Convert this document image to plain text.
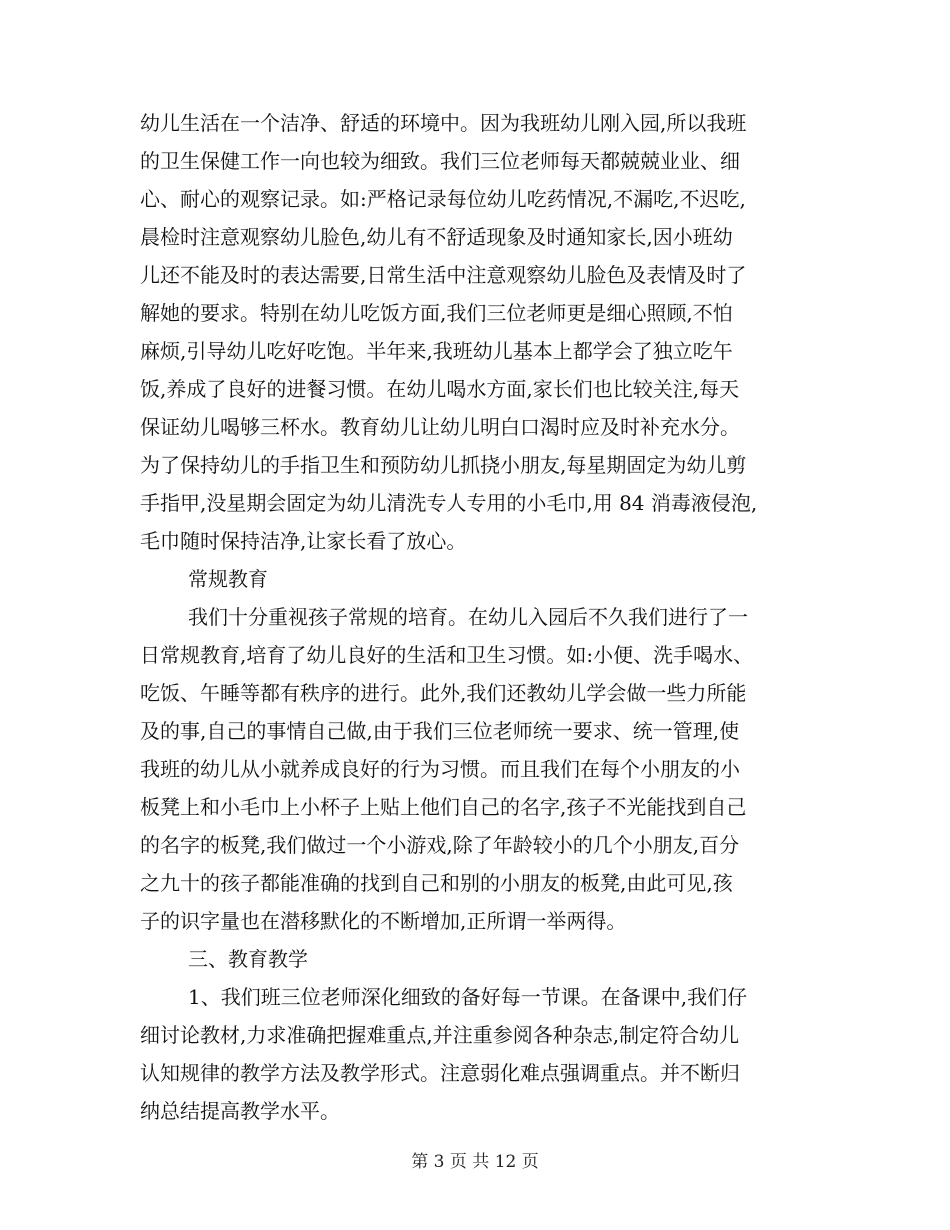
幼儿生活在一个洁净、舒适的环境中。因为我班幼儿刚入园,所以我班
的卫生保健工作一向也较为细致。我们三位老师每天都兢兢业业、细
心、耐心的观察记录。如:严格记录每位幼儿吃药情况,不漏吃,不迟吃,
晨检时注意观察幼儿脸色,幼儿有不舒适现象及时通知家长,因小班幼
儿还不能及时的表达需要,日常生活中注意观察幼儿脸色及表情及时了
解她的要求。特别在幼儿吃饭方面,我们三位老师更是细心照顾,不怕
麻烦,引导幼儿吃好吃饱。半年来,我班幼儿基本上都学会了独立吃午
饭,养成了良好的进餐习惯。在幼儿喝水方面,家长们也比较关注,每天
保证幼儿喝够三杯水。教育幼儿让幼儿明白口渴时应及时补充水分。
为了保持幼儿的手指卫生和预防幼儿抓挠小朋友,每星期固定为幼儿剪
手指甲,没星期会固定为幼儿清洗专人专用的小毛巾,用 84 消毒液侵泡,
毛巾随时保持洁净,让家长看了放心。
常规教育
我们十分重视孩子常规的培育。在幼儿入园后不久我们进行了一
日常规教育,培育了幼儿良好的生活和卫生习惯。如:小便、洗手喝水、
吃饭、午睡等都有秩序的进行。此外,我们还教幼儿学会做一些力所能
及的事,自己的事情自己做,由于我们三位老师统一要求、统一管理,使
我班的幼儿从小就养成良好的行为习惯。而且我们在每个小朋友的小
板凳上和小毛巾上小杯子上贴上他们自己的名字,孩子不光能找到自己
的名字的板凳,我们做过一个小游戏,除了年龄较小的几个小朋友,百分
之九十的孩子都能准确的找到自己和别的小朋友的板凳,由此可见,孩
子的识字量也在潜移默化的不断增加,正所谓一举两得。
三、教育教学
1、我们班三位老师深化细致的备好每一节课。在备课中,我们仔
细讨论教材,力求准确把握难重点,并注重参阅各种杂志,制定符合幼儿
认知规律的教学方法及教学形式。注意弱化难点强调重点。并不断归
纳总结提高教学水平。
第 3 页 共 12 页
